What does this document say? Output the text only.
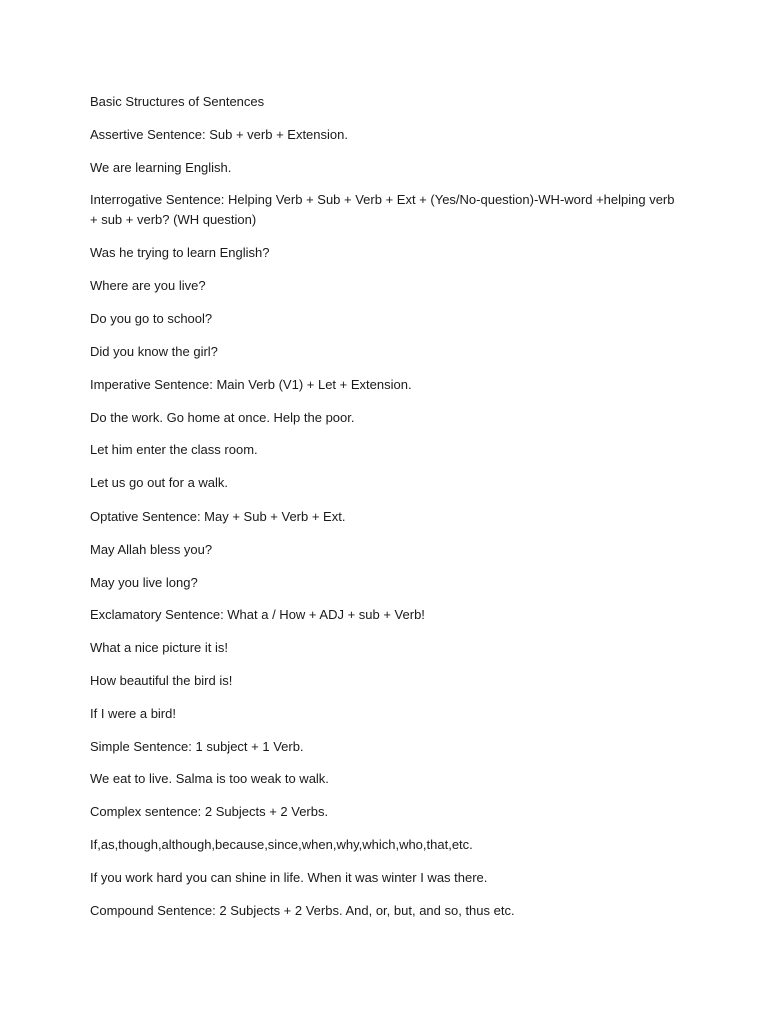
Basic Structures of Sentences
Assertive Sentence: Sub + verb + Extension.
We are learning English.
Interrogative Sentence: Helping Verb + Sub + Verb + Ext + (Yes/No-question)-WH-word +helping verb + sub + verb? (WH question)
Was he trying to learn English?
Where are you live?
Do you go to school?
Did you know the girl?
Imperative Sentence: Main Verb (V1) + Let + Extension.
Do the work. Go home at once. Help the poor.
Let him enter the class room.
Let us go out for a walk.
Optative Sentence: May + Sub + Verb + Ext.
May Allah bless you?
May you live long?
Exclamatory Sentence: What a / How + ADJ + sub + Verb!
What a nice picture it is!
How beautiful the bird is!
If I were a bird!
Simple Sentence: 1 subject + 1 Verb.
We eat to live. Salma is too weak to walk.
Complex sentence: 2 Subjects + 2 Verbs.
If,as,though,although,because,since,when,why,which,who,that,etc.
If you work hard you can shine in life. When it was winter I was there.
Compound Sentence: 2 Subjects + 2 Verbs. And, or, but, and so, thus etc.
